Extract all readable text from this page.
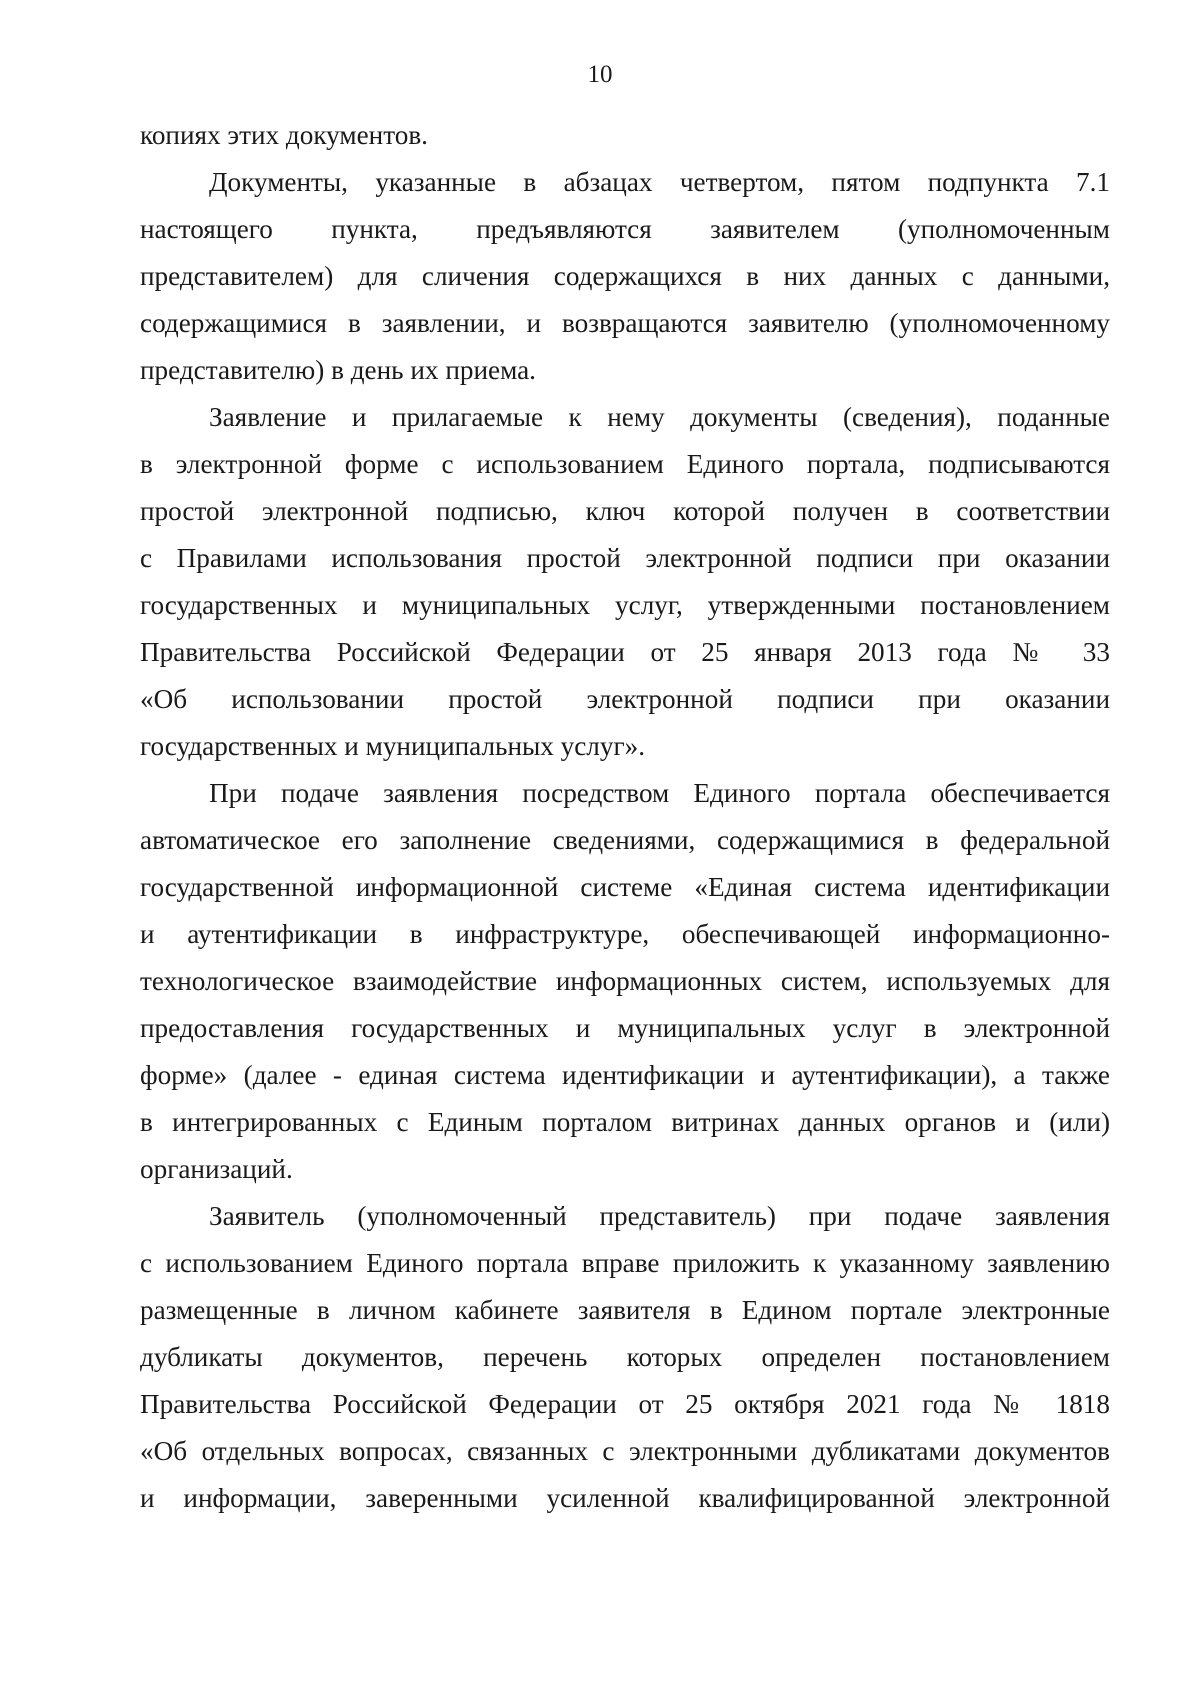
10
копиях этих документов.
Документы, указанные в абзацах четвертом, пятом подпункта 7.1
настоящего пункта, предъявляются заявителем (уполномоченным
представителем) для сличения содержащихся в них данных с данными,
содержащимися в заявлении, и возвращаются заявителю (уполномоченному
представителю) в день их приема.
Заявление и прилагаемые к нему документы (сведения), поданные
в электронной форме с использованием Единого портала, подписываются
простой электронной подписью, ключ которой получен в соответствии
с Правилами использования простой электронной подписи при оказании
государственных и муниципальных услуг, утвержденными постановлением
Правительства Российской Федерации от 25 января 2013 года № 33
«Об использовании простой электронной подписи при оказании
государственных и муниципальных услуг».
При подаче заявления посредством Единого портала обеспечивается
автоматическое его заполнение сведениями, содержащимися в федеральной
государственной информационной системе «Единая система идентификации
и аутентификации в инфраструктуре, обеспечивающей информационно-
технологическое взаимодействие информационных систем, используемых для
предоставления государственных и муниципальных услуг в электронной
форме» (далее - единая система идентификации и аутентификации), а также
в интегрированных с Единым порталом витринах данных органов и (или)
организаций.
Заявитель (уполномоченный представитель) при подаче заявления
с использованием Единого портала вправе приложить к указанному заявлению
размещенные в личном кабинете заявителя в Едином портале электронные
дубликаты документов, перечень которых определен постановлением
Правительства Российской Федерации от 25 октября 2021 года № 1818
«Об отдельных вопросах, связанных с электронными дубликатами документов
и информации, заверенными усиленной квалифицированной электронной
